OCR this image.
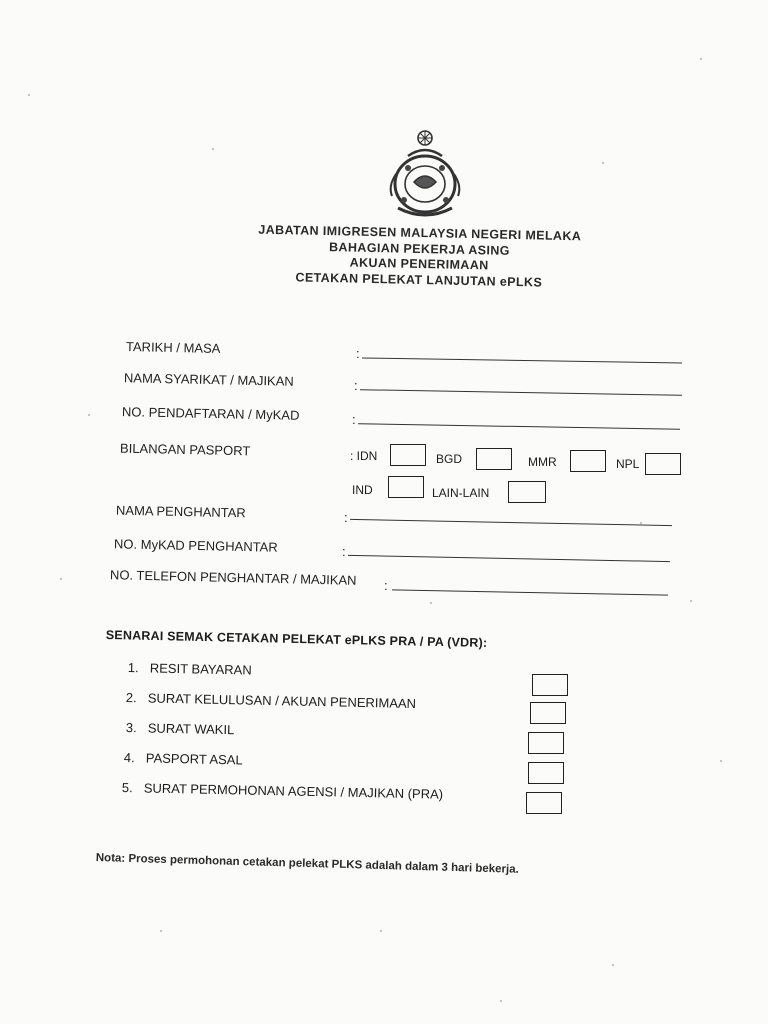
JABATAN IMIGRESEN MALAYSIA NEGERI MELAKA
BAHAGIAN PEKERJA ASING
AKUAN PENERIMAAN
CETAKAN PELEKAT LANJUTAN ePLKS
TARIKH / MASA	:
NAMA SYARIKAT / MAJIKAN	:
NO. PENDAFTARAN / MyKAD	:
BILANGAN PASPORT	: IDN	BGD	MMR	NPL
IND	LAIN-LAIN
NAMA PENGHANTAR	:
NO. MyKAD PENGHANTAR	:
NO. TELEFON PENGHANTAR / MAJIKAN :
SENARAI SEMAK CETAKAN PELEKAT ePLKS PRA / PA (VDR):
1. RESIT BAYARAN
2. SURAT KELULUSAN / AKUAN PENERIMAAN
3. SURAT WAKIL
4. PASPORT ASAL
5. SURAT PERMOHONAN AGENSI / MAJIKAN (PRA)
Nota: Proses permohonan cetakan pelekat PLKS adalah dalam 3 hari bekerja.
